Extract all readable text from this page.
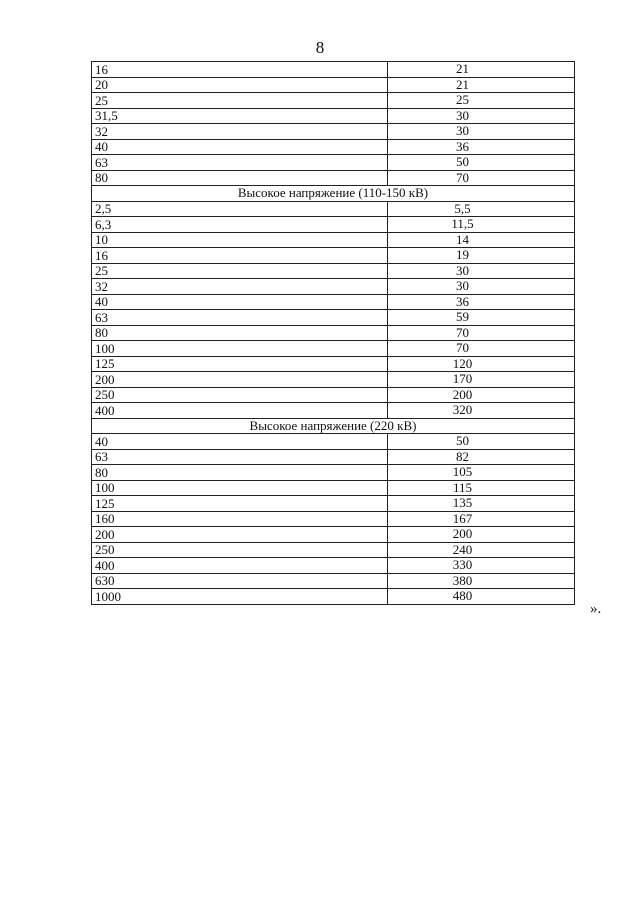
8
16	21
20	21
25	25
31,5	30
32	30
40	36
63	50
80	70
Высокое напряжение (110-150 кВ)	
2,5	5,5
6,3	11,5
10	14
16	19
25	30
32	30
40	36
63	59
80	70
100	70
125	120
200	170
250	200
400	320
Высокое напряжение (220 кВ)	
40	50
63	82
80	105
100	115
125	135
160	167
200	200
250	240
400	330
630	380
1000	480
».
